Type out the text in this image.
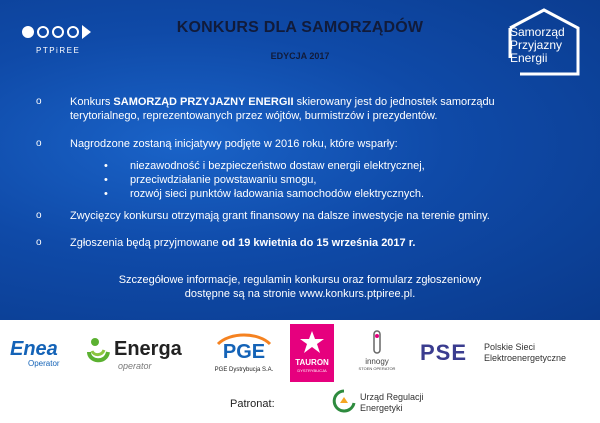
PTPiREE
KONKURS DLA SAMORZĄDÓW
EDYCJA 2017
Samorząd
Przyjazny
Energii
o	Konkurs SAMORZĄD PRZYJAZNY ENERGII skierowany jest do jednostek samorządu
terytorialnego, reprezentowanych przez wójtów, burmistrzów i prezydentów.
o	Nagrodzone zostaną inicjatywy podjęte w 2016 roku, które wsparły:
• niezawodność i bezpieczeństwo dostaw energii elektrycznej,
• przeciwdziałanie powstawaniu smogu,
• rozwój sieci punktów ładowania samochodów elektrycznych.
o	Zwycięzcy konkursu otrzymają grant finansowy na dalsze inwestycje na terenie gminy.
o	Zgłoszenia będą przyjmowane od 19 kwietnia do 15 września 2017 r.
Szczegółowe informacje, regulamin konkursu oraz formularz zgłoszeniowy
dostępne są na stronie www.konkurs.ptpiree.pl.
Enea
Operator
Energa
operator
PGE
PGE Dystrybucja S.A.
TAURON
DYSTRYBUCJA
innogy
STOEN OPERATOR
PSE Polskie Sieci
Elektroenergetyczne
Patronat:
Urząd Regulacji
Energetyki
